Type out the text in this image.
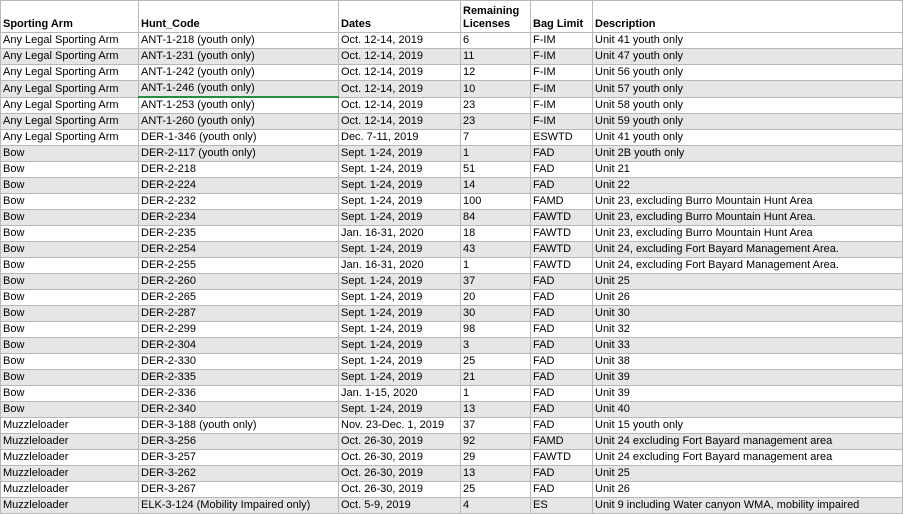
Sporting Arm	Hunt_Code	Dates	Remaining Licenses	Bag Limit	Description
Any Legal Sporting Arm	ANT-1-218 (youth only)	Oct. 12-14, 2019	6	F-IM	Unit 41 youth only
Any Legal Sporting Arm	ANT-1-231 (youth only)	Oct. 12-14, 2019	11	F-IM	Unit 47 youth only
Any Legal Sporting Arm	ANT-1-242 (youth only)	Oct. 12-14, 2019	12	F-IM	Unit 56 youth only
Any Legal Sporting Arm	ANT-1-246 (youth only)	Oct. 12-14, 2019	10	F-IM	Unit 57 youth only
Any Legal Sporting Arm	ANT-1-253 (youth only)	Oct. 12-14, 2019	23	F-IM	Unit 58 youth only
Any Legal Sporting Arm	ANT-1-260 (youth only)	Oct. 12-14, 2019	23	F-IM	Unit 59 youth only
Any Legal Sporting Arm	DER-1-346 (youth only)	Dec. 7-11, 2019	7	ESWTD	Unit 41 youth only
Bow	DER-2-117 (youth only)	Sept. 1-24, 2019	1	FAD	Unit 2B youth only
Bow	DER-2-218	Sept. 1-24, 2019	51	FAD	Unit 21
Bow	DER-2-224	Sept. 1-24, 2019	14	FAD	Unit 22
Bow	DER-2-232	Sept. 1-24, 2019	100	FAMD	Unit 23, excluding Burro Mountain Hunt Area
Bow	DER-2-234	Sept. 1-24, 2019	84	FAWTD	Unit 23, excluding Burro Mountain Hunt Area.
Bow	DER-2-235	Jan. 16-31, 2020	18	FAWTD	Unit 23, excluding Burro Mountain Hunt Area
Bow	DER-2-254	Sept. 1-24, 2019	43	FAWTD	Unit 24, excluding Fort Bayard Management Area.
Bow	DER-2-255	Jan. 16-31, 2020	1	FAWTD	Unit 24, excluding Fort Bayard Management Area.
Bow	DER-2-260	Sept. 1-24, 2019	37	FAD	Unit 25
Bow	DER-2-265	Sept. 1-24, 2019	20	FAD	Unit 26
Bow	DER-2-287	Sept. 1-24, 2019	30	FAD	Unit 30
Bow	DER-2-299	Sept. 1-24, 2019	98	FAD	Unit 32
Bow	DER-2-304	Sept. 1-24, 2019	3	FAD	Unit 33
Bow	DER-2-330	Sept. 1-24, 2019	25	FAD	Unit 38
Bow	DER-2-335	Sept. 1-24, 2019	21	FAD	Unit 39
Bow	DER-2-336	Jan. 1-15, 2020	1	FAD	Unit 39
Bow	DER-2-340	Sept. 1-24, 2019	13	FAD	Unit 40
Muzzleloader	DER-3-188 (youth only)	Nov. 23-Dec. 1, 2019	37	FAD	Unit 15 youth only
Muzzleloader	DER-3-256	Oct. 26-30, 2019	92	FAMD	Unit 24 excluding Fort Bayard management area
Muzzleloader	DER-3-257	Oct. 26-30, 2019	29	FAWTD	Unit 24 excluding Fort Bayard management area
Muzzleloader	DER-3-262	Oct. 26-30, 2019	13	FAD	Unit 25
Muzzleloader	DER-3-267	Oct. 26-30, 2019	25	FAD	Unit 26
Muzzleloader	ELK-3-124 (Mobility Impaired only)	Oct. 5-9, 2019	4	ES	Unit 9 including Water canyon WMA, mobility impaired
